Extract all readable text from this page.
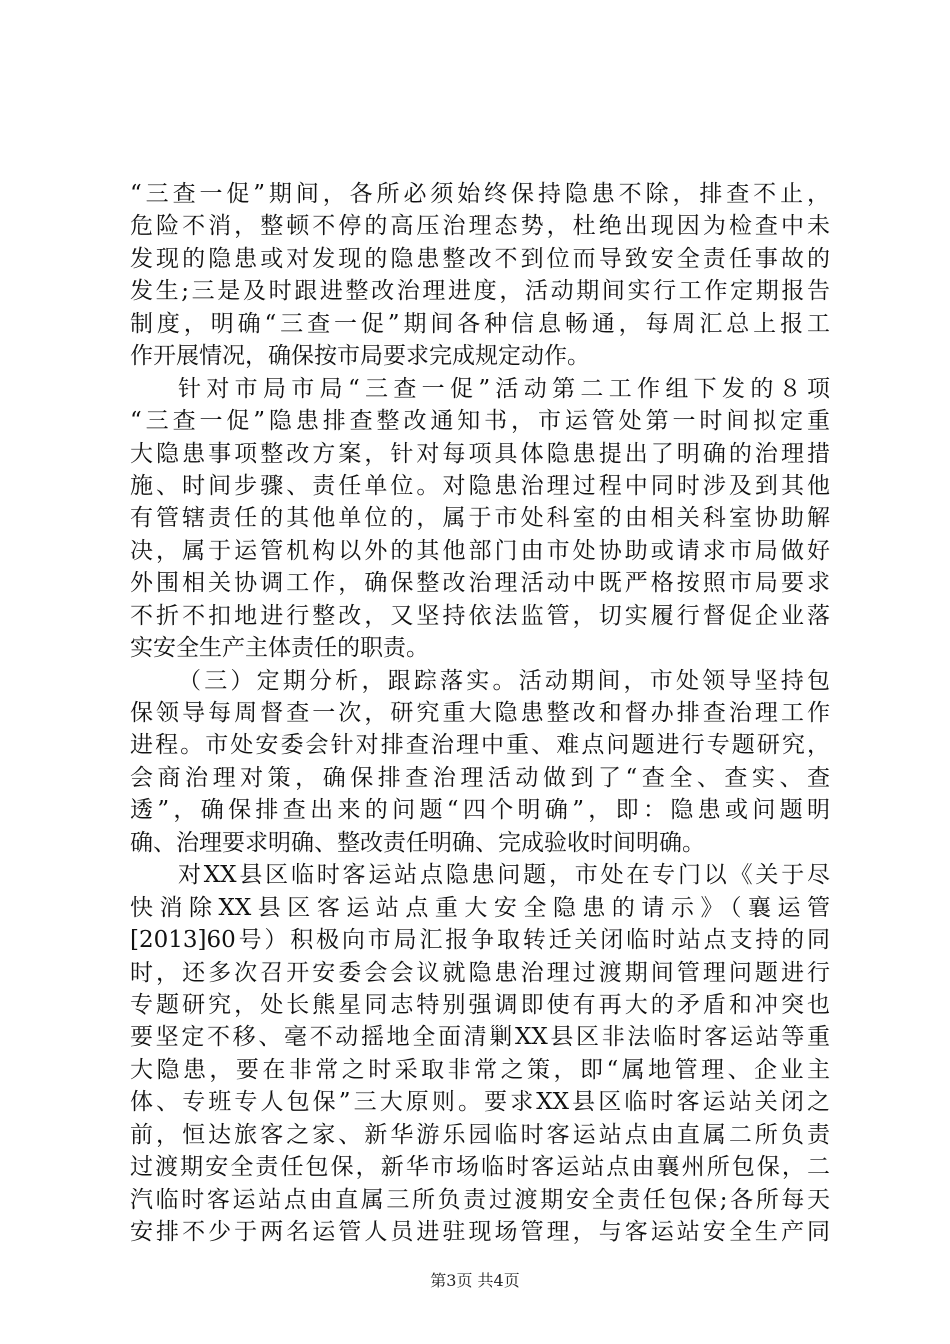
“三查一促”期间，各所必须始终保持隐患不除，排查不止，
危险不消，整顿不停的高压治理态势，杜绝出现因为检查中未
发现的隐患或对发现的隐患整改不到位而导致安全责任事故的
发生;三是及时跟进整改治理进度，活动期间实行工作定期报告
制度，明确“三查一促”期间各种信息畅通，每周汇总上报工
作开展情况，确保按市局要求完成规定动作。
针对市局市局“三查一促”活动第二工作组下发的８项
“三查一促”隐患排查整改通知书，市运管处第一时间拟定重
大隐患事项整改方案，针对每项具体隐患提出了明确的治理措
施、时间步骤、责任单位。对隐患治理过程中同时涉及到其他
有管辖责任的其他单位的，属于市处科室的由相关科室协助解
决，属于运管机构以外的其他部门由市处协助或请求市局做好
外围相关协调工作，确保整改治理活动中既严格按照市局要求
不折不扣地进行整改，又坚持依法监管，切实履行督促企业落
实安全生产主体责任的职责。
（三）定期分析，跟踪落实。活动期间，市处领导坚持包
保领导每周督查一次，研究重大隐患整改和督办排查治理工作
进程。市处安委会针对排查治理中重、难点问题进行专题研究，
会商治理对策，确保排查治理活动做到了“查全、查实、查
透”，确保排查出来的问题“四个明确”，即：隐患或问题明
确、治理要求明确、整改责任明确、完成验收时间明确。
对XX县区临时客运站点隐患问题，市处在专门以《关于尽
快消除XX县区客运站点重大安全隐患的请示》（襄运管
[2013]60号）积极向市局汇报争取转迁关闭临时站点支持的同
时，还多次召开安委会会议就隐患治理过渡期间管理问题进行
专题研究，处长熊星同志特别强调即使有再大的矛盾和冲突也
要坚定不移、毫不动摇地全面清剿XX县区非法临时客运站等重
大隐患，要在非常之时采取非常之策，即“属地管理、企业主
体、专班专人包保”三大原则。要求XX县区临时客运站关闭之
前，恒达旅客之家、新华游乐园临时客运站点由直属二所负责
过渡期安全责任包保，新华市场临时客运站点由襄州所包保，二
汽临时客运站点由直属三所负责过渡期安全责任包保;各所每天
安排不少于两名运管人员进驻现场管理，与客运站安全生产同
第3页 共4页
